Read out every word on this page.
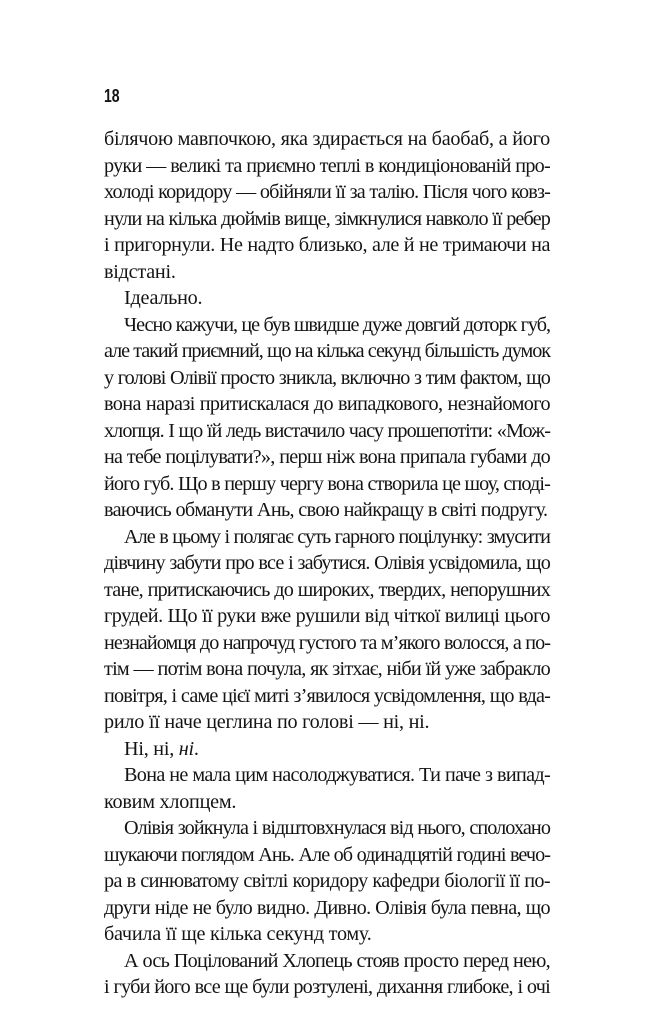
18
білячою мавпочкою, яка здирається на баобаб, а його
руки — великі та приємно теплі в кондиціонованій про-
холоді коридору — обійняли її за талію. Після чого ковз-
нули на кілька дюймів вище, зімкнулися навколо її ребер
і пригорнули. Не надто близько, але й не тримаючи на
відстані.
Ідеально.
Чесно кажучи, це був швидше дуже довгий доторк губ,
але такий приємний, що на кілька секунд більшість думок
у голові Олівії просто зникла, включно з тим фактом, що
вона наразі притискалася до випадкового, незнайомого
хлопця. І що їй ледь вистачило часу прошепотіти: «Мож-
на тебе поцілувати?», перш ніж вона припала губами до
його губ. Що в першу чергу вона створила це шоу, сподi-
ваючись обманути Ань, свою найкращу в світі подругу.
Але в цьому і полягає суть гарного поцілунку: змусити
дівчину забути про все і забутися. Олівія усвідомила, що
тане, притискаючись до широких, твердих, непорушних
грудей. Що її руки вже рушили від чіткої вилиці цього
незнайомця до напрочуд густого та м’якого волосся, а по-
тім — потім вона почула, як зітхає, ніби їй уже забракло
повітря, і саме цієї миті з’явилося усвідомлення, що вда-
рило її наче цеглина по голові — ні, ні.
Ні, ні, ні.
Вона не мала цим насолоджуватися. Ти паче з випад-
ковим хлопцем.
Олівія зойкнула і відштовхнулася від нього, сполохано
шукаючи поглядом Ань. Але об одинадцятій годині вечо-
ра в синюватому світлі коридору кафедри біології її по-
други ніде не було видно. Дивно. Олівія була певна, що
бачила її ще кілька секунд тому.
А ось Поцілований Хлопець стояв просто перед нею,
і губи його все ще були розтулені, дихання глибоке, і очі
